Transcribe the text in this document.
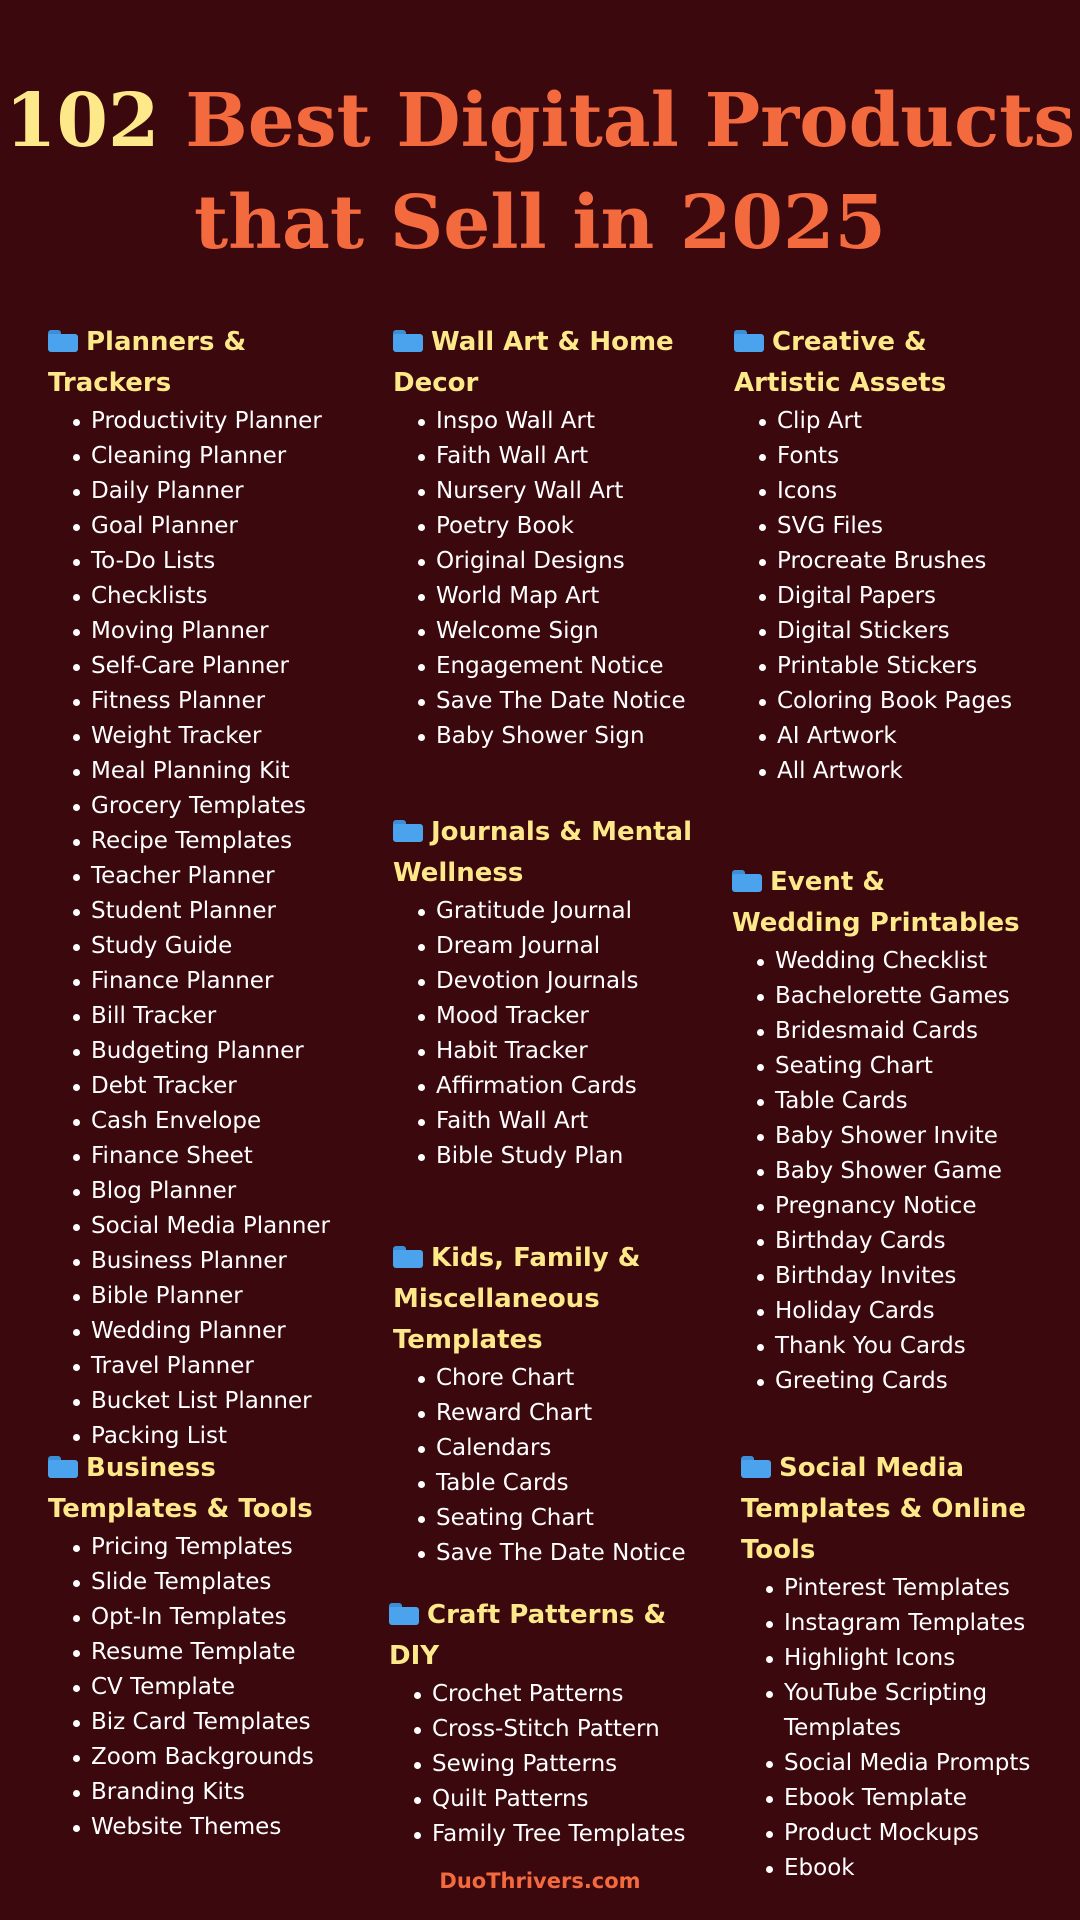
102 Best Digital Products
that Sell in 2025
Planners & Trackers
Productivity Planner
Cleaning Planner
Daily Planner
Goal Planner
To-Do Lists
Checklists
Moving Planner
Self-Care Planner
Fitness Planner
Weight Tracker
Meal Planning Kit
Grocery Templates
Recipe Templates
Teacher Planner
Student Planner
Study Guide
Finance Planner
Bill Tracker
Budgeting Planner
Debt Tracker
Cash Envelope
Finance Sheet
Blog Planner
Social Media Planner
Business Planner
Bible Planner
Wedding Planner
Travel Planner
Bucket List Planner
Packing List
Business Templates & Tools
Pricing Templates
Slide Templates
Opt-In Templates
Resume Template
CV Template
Biz Card Templates
Zoom Backgrounds
Branding Kits
Website Themes
Wall Art & Home Decor
Inspo Wall Art
Faith Wall Art
Nursery Wall Art
Poetry Book
Original Designs
World Map Art
Welcome Sign
Engagement Notice
Save The Date Notice
Baby Shower Sign
Journals & Mental Wellness
Gratitude Journal
Dream Journal
Devotion Journals
Mood Tracker
Habit Tracker
Affirmation Cards
Faith Wall Art
Bible Study Plan
Kids, Family & Miscellaneous Templates
Chore Chart
Reward Chart
Calendars
Table Cards
Seating Chart
Save The Date Notice
Craft Patterns & DIY
Crochet Patterns
Cross-Stitch Pattern
Sewing Patterns
Quilt Patterns
Family Tree Templates
Creative & Artistic Assets
Clip Art
Fonts
Icons
SVG Files
Procreate Brushes
Digital Papers
Digital Stickers
Printable Stickers
Coloring Book Pages
AI Artwork
All Artwork
Event & Wedding Printables
Wedding Checklist
Bachelorette Games
Bridesmaid Cards
Seating Chart
Table Cards
Baby Shower Invite
Baby Shower Game
Pregnancy Notice
Birthday Cards
Birthday Invites
Holiday Cards
Thank You Cards
Greeting Cards
Social Media Templates & Online Tools
Pinterest Templates
Instagram Templates
Highlight Icons
YouTube Scripting Templates
Social Media Prompts
Ebook Template
Product Mockups
Ebook
DuoThrivers.com
